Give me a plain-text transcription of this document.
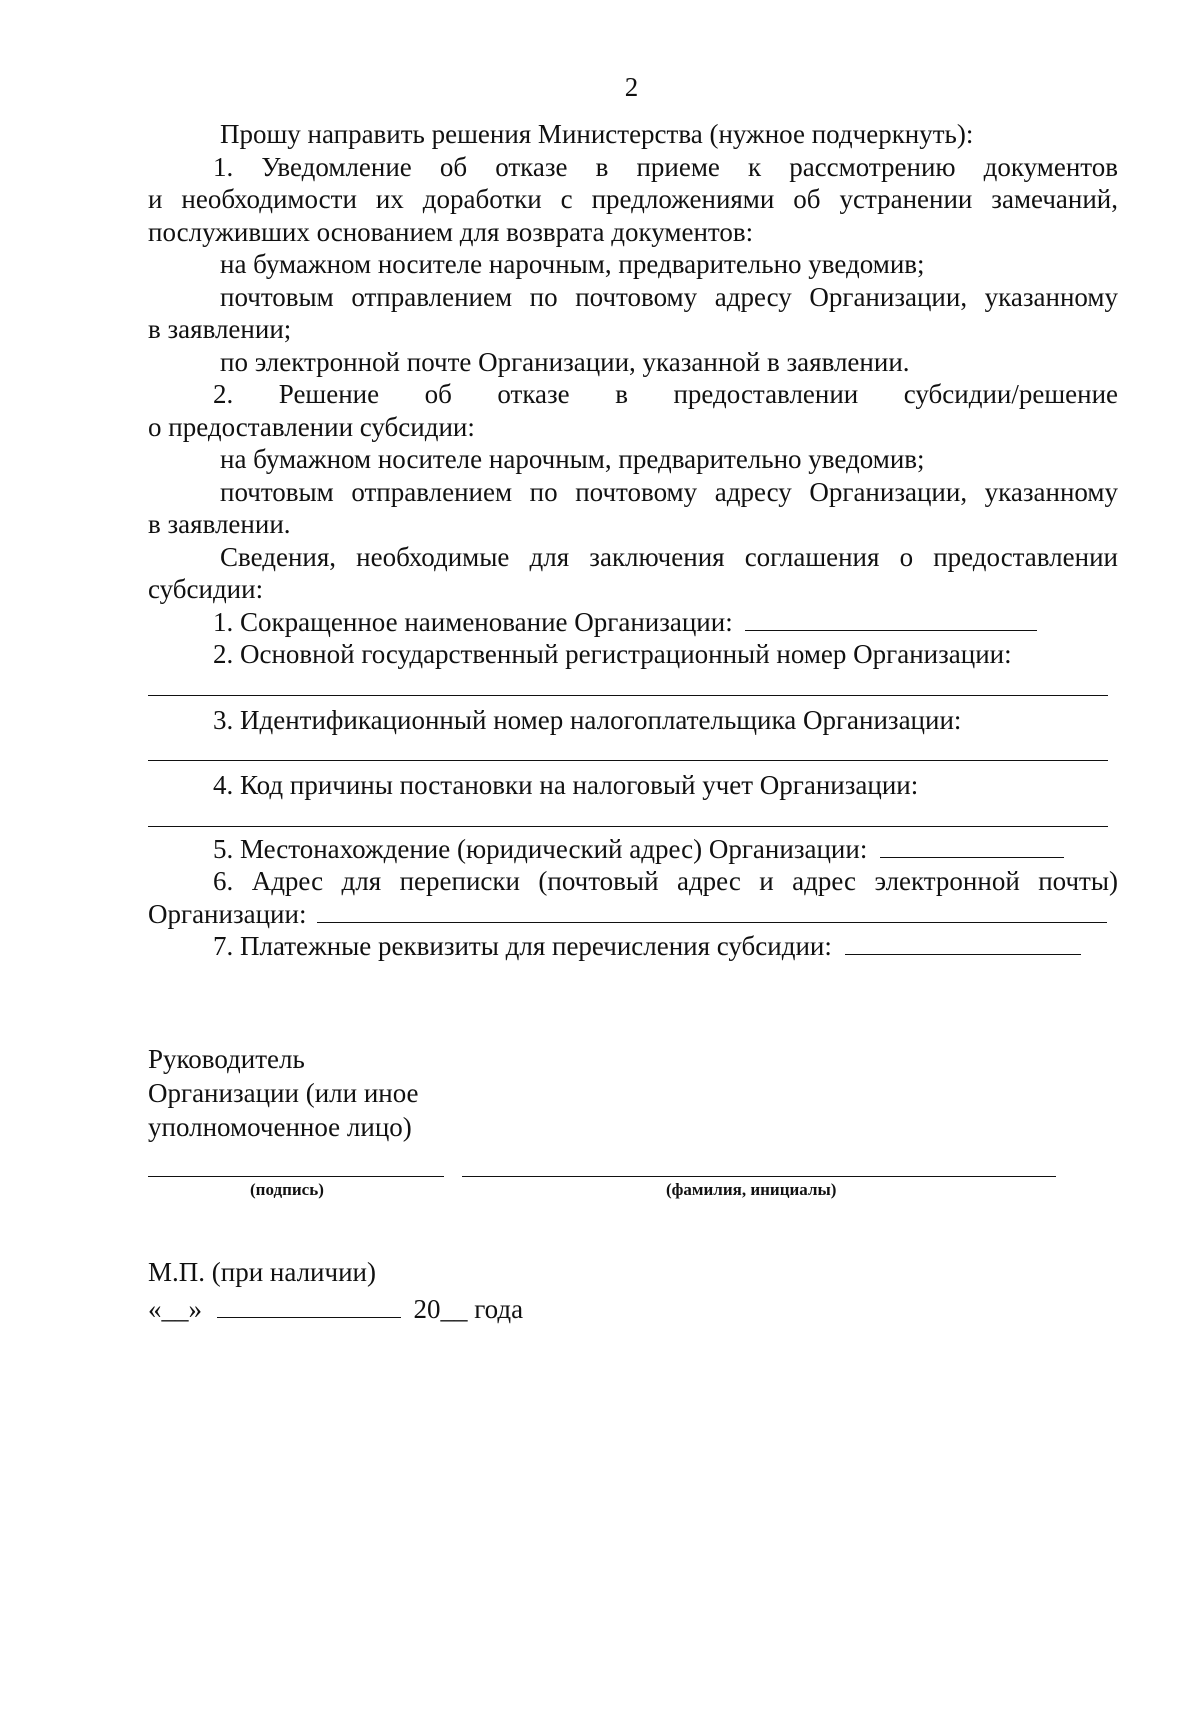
2
Прошу направить решения Министерства (нужное подчеркнуть):
1. Уведомление об отказе в приеме к рассмотрению документов
и необходимости их доработки с предложениями об устранении замечаний,
послуживших основанием для возврата документов:
на бумажном носителе нарочным, предварительно уведомив;
почтовым отправлением по почтовому адресу Организации, указанному
в заявлении;
по электронной почте Организации, указанной в заявлении.
2. Решение об отказе в предоставлении субсидии/решение
о предоставлении субсидии:
на бумажном носителе нарочным, предварительно уведомив;
почтовым отправлением по почтовому адресу Организации, указанному
в заявлении.
Сведения, необходимые для заключения соглашения о предоставлении
субсидии:
1. Сокращенное наименование Организации:
2. Основной государственный регистрационный номер Организации:
3. Идентификационный номер налогоплательщика Организации:
4. Код причины постановки на налоговый учет Организации:
5. Местонахождение (юридический адрес) Организации:
6. Адрес для переписки (почтовый адрес и адрес электронной почты)
Организации:
7. Платежные реквизиты для перечисления субсидии:
Руководитель
Организации (или иное
уполномоченное лицо)
(подпись)	(фамилия, инициалы)
М.П. (при наличии)
«__»	20__ года
